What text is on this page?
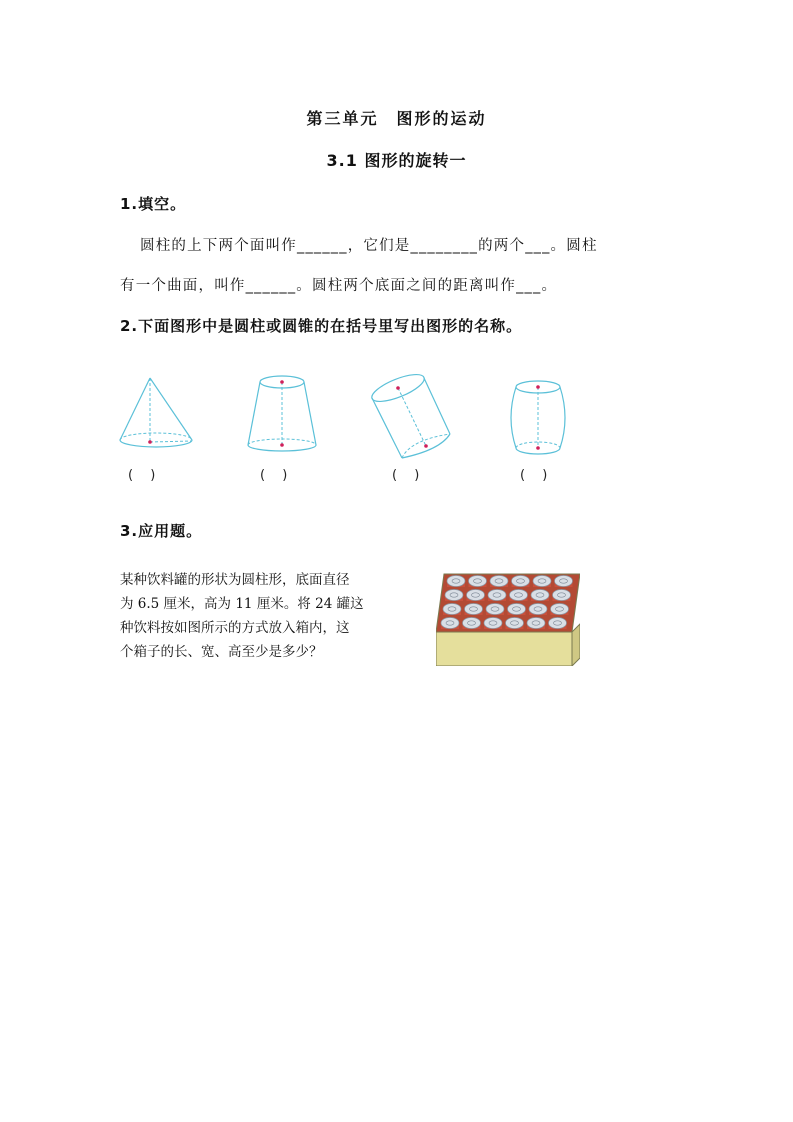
第三单元　图形的运动
3.1 图形的旋转一
1.填空。
圆柱的上下两个面叫作______，它们是________的两个___。圆柱
有一个曲面，叫作______。圆柱两个底面之间的距离叫作___。
2.下面图形中是圆柱或圆锥的在括号里写出图形的名称。
(　 )	(　 )	(　 )	(　 )
3.应用题。
某种饮料罐的形状为圆柱形，底面直径
为 6.5 厘米，高为 11 厘米。将 24 罐这
种饮料按如图所示的方式放入箱内，这
个箱子的长、宽、高至少是多少？
